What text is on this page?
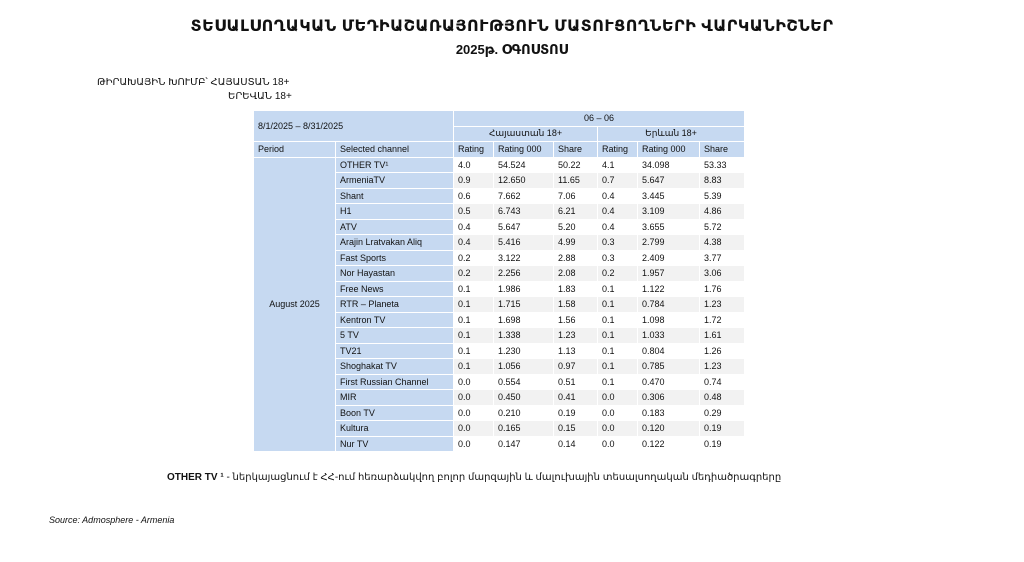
ՏԵՍԱԼՍՈՂԱԿԱՆ ՄԵԴԻԱՇԱՌԱՅՈՒԹՅՈՒՆ ՄԱՏՈՒՑՈՂՆԵՐԻ ՎԱՐԿԱՆԻՇՆԵՐ
2025թ. ՕԳՈՍՏՈՍ
ԹԻՐԱԽԱՅԻՆ ԽՈՒՄԲ՝ ՀԱՅԱՍՏԱՆ 18+
ԵՐԵՎԱՆ 18+
8/1/2025 – 8/31/2025		06 – 06					
		Հայաստան 18+			Երևան 18+		
Period	Selected channel	Rating	Rating 000	Share	Rating	Rating 000	Share
August 2025	OTHER TV¹	4.0	54.524	50.22	4.1	34.098	53.33
	ArmeniaTV	0.9	12.650	11.65	0.7	5.647	8.83
	Shant	0.6	7.662	7.06	0.4	3.445	5.39
	H1	0.5	6.743	6.21	0.4	3.109	4.86
	ATV	0.4	5.647	5.20	0.4	3.655	5.72
	Arajin Lratvakan Aliq	0.4	5.416	4.99	0.3	2.799	4.38
	Fast Sports	0.2	3.122	2.88	0.3	2.409	3.77
	Nor Hayastan	0.2	2.256	2.08	0.2	1.957	3.06
	Free News	0.1	1.986	1.83	0.1	1.122	1.76
	RTR – Planeta	0.1	1.715	1.58	0.1	0.784	1.23
	Kentron TV	0.1	1.698	1.56	0.1	1.098	1.72
	5 TV	0.1	1.338	1.23	0.1	1.033	1.61
	TV21	0.1	1.230	1.13	0.1	0.804	1.26
	Shoghakat TV	0.1	1.056	0.97	0.1	0.785	1.23
	First Russian Channel	0.0	0.554	0.51	0.1	0.470	0.74
	MIR	0.0	0.450	0.41	0.0	0.306	0.48
	Boon TV	0.0	0.210	0.19	0.0	0.183	0.29
	Kultura	0.0	0.165	0.15	0.0	0.120	0.19
	Nur TV	0.0	0.147	0.14	0.0	0.122	0.19
OTHER TV ¹ - ներկայացնում է ՀՀ-ում հեռարձակվող բոլոր մարզային և մալուխային տեսալսողական մեդիածրագրերը
Source: Admosphere - Armenia
